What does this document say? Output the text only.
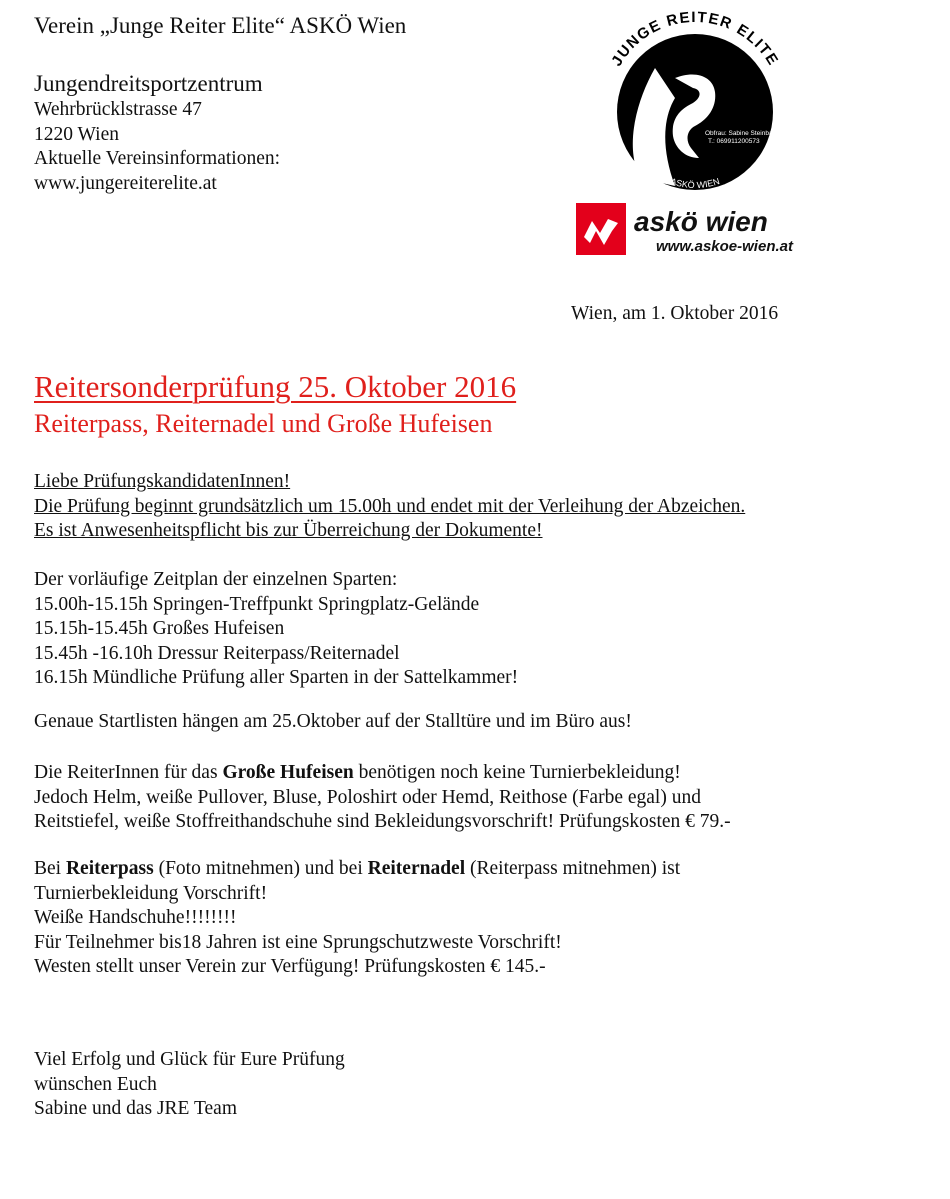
Verein „Junge Reiter Elite“ ASKÖ Wien
Jungendreitsportzentrum
Wehrbrücklstrasse 47
1220 Wien
Aktuelle Vereinsinformationen:
www.jungereiterelite.at
JUNGE REITER ELITE
ASKÖ WIEN
Obfrau: Sabine Steinbach
T.: 069911200573
askö wien
www.askoe-wien.at
Wien, am 1. Oktober 2016
Reitersonderprüfung 25. Oktober 2016
Reiterpass, Reiternadel und Große Hufeisen
Liebe PrüfungskandidatenInnen!
Die Prüfung beginnt grundsätzlich um 15.00h und endet mit der Verleihung der Abzeichen.
Es ist Anwesenheitspflicht bis zur Überreichung der Dokumente!
Der vorläufige Zeitplan der einzelnen Sparten:
15.00h-15.15h Springen-Treffpunkt Springplatz-Gelände
15.15h-15.45h Großes Hufeisen
15.45h -16.10h Dressur Reiterpass/Reiternadel
16.15h Mündliche Prüfung aller Sparten in der Sattelkammer!
Genaue Startlisten hängen am 25.Oktober auf der Stalltüre und im Büro aus!
Die ReiterInnen für das Große Hufeisen benötigen noch keine Turnierbekleidung!
Jedoch Helm, weiße Pullover, Bluse, Poloshirt oder Hemd, Reithose (Farbe egal) und
Reitstiefel, weiße Stoffreithandschuhe sind Bekleidungsvorschrift! Prüfungskosten € 79.-
Bei Reiterpass (Foto mitnehmen) und bei Reiternadel (Reiterpass mitnehmen) ist
Turnierbekleidung Vorschrift!
Weiße Handschuhe!!!!!!!!
Für Teilnehmer bis18 Jahren ist eine Sprungschutzweste Vorschrift!
Westen stellt unser Verein zur Verfügung! Prüfungskosten € 145.-
Viel Erfolg und Glück für Eure Prüfung
wünschen Euch
Sabine und das JRE Team
